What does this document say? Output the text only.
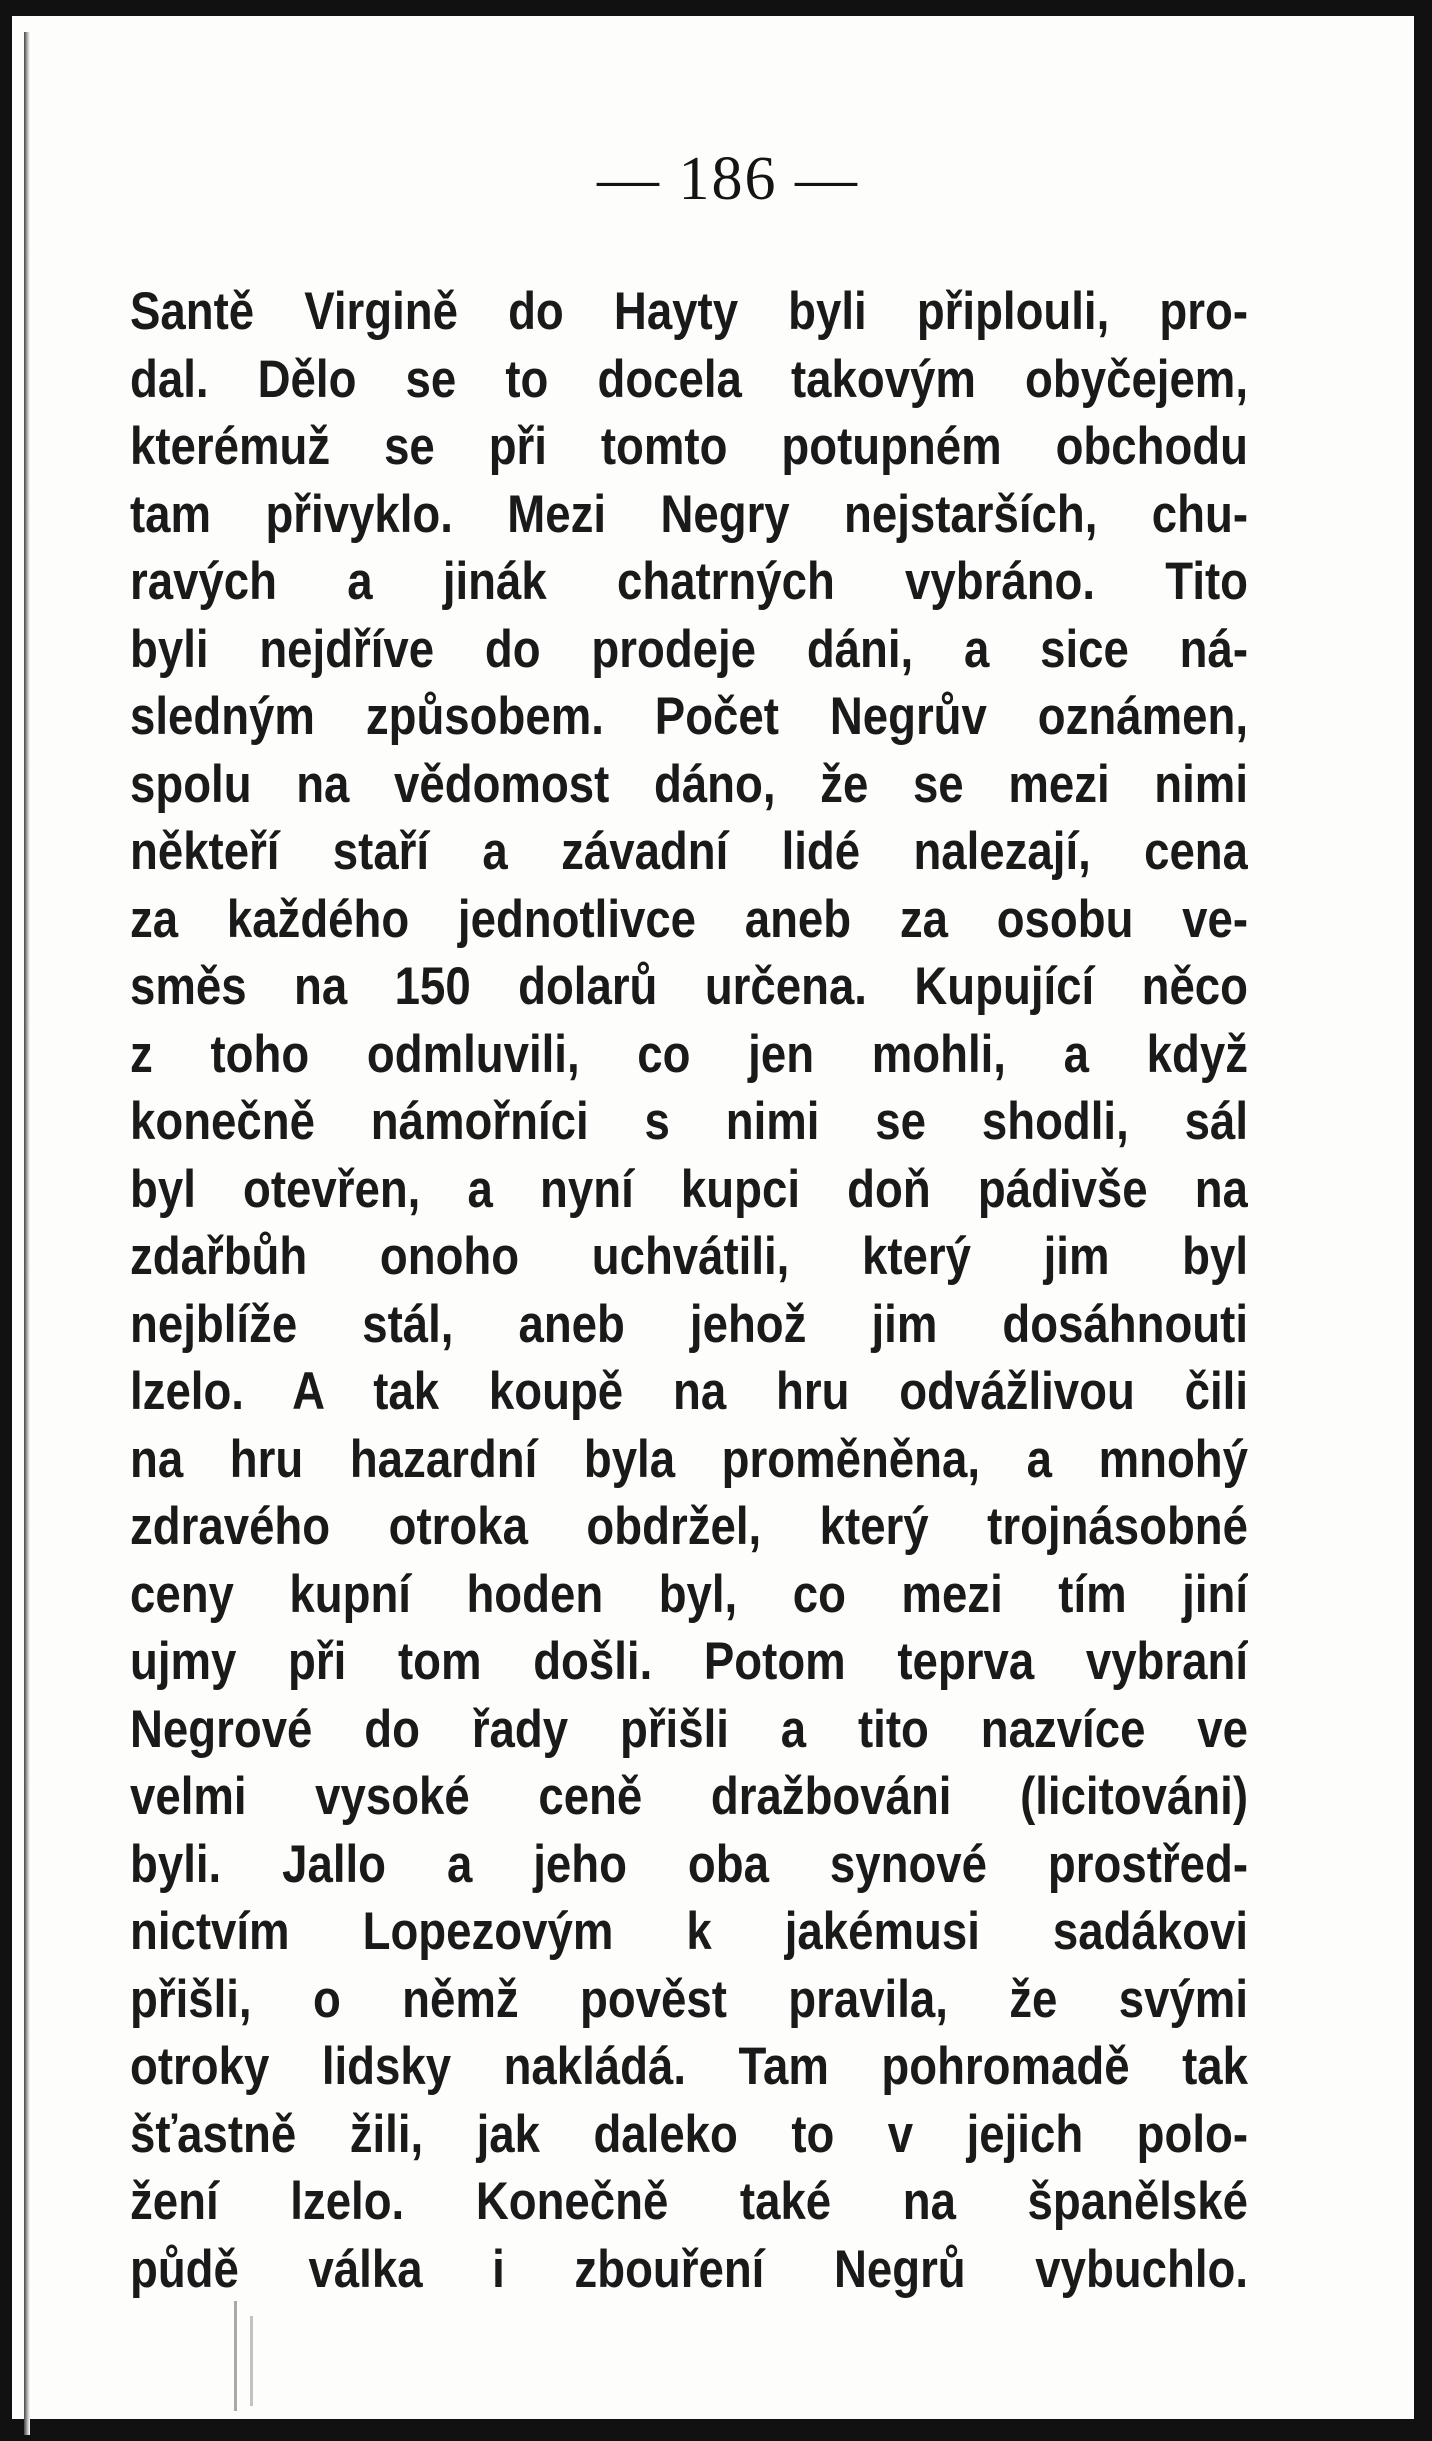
— 186 —
Santě Virgině do Hayty byli připlouli, pro-
dal. Dělo se to docela takovým obyčejem,
kterémuž se při tomto potupném obchodu
tam přivyklo. Mezi Negry nejstarších, chu-
ravých a jinák chatrných vybráno. Tito
byli nejdříve do prodeje dáni, a sice ná-
sledným způsobem. Počet Negrův oznámen,
spolu na vědomost dáno, že se mezi nimi
někteří staří a závadní lidé nalezají, cena
za každého jednotlivce aneb za osobu ve-
směs na 150 dolarů určena. Kupující něco
z toho odmluvili, co jen mohli, a když
konečně námořníci s nimi se shodli, sál
byl otevřen, a nyní kupci doň pádivše na
zdařbůh onoho uchvátili, který jim byl
nejblíže stál, aneb jehož jim dosáhnouti
lzelo. A tak koupě na hru odvážlivou čili
na hru hazardní byla proměněna, a mnohý
zdravého otroka obdržel, který trojnásobné
ceny kupní hoden byl, co mezi tím jiní
ujmy při tom došli. Potom teprva vybraní
Negrové do řady přišli a tito nazvíce ve
velmi vysoké ceně dražbováni (licitováni)
byli. Jallo a jeho oba synové prostřed-
nictvím Lopezovým k jakémusi sadákovi
přišli, o němž pověst pravila, že svými
otroky lidsky nakládá. Tam pohromadě tak
šťastně žili, jak daleko to v jejich polo-
žení lzelo. Konečně také na španělské
půdě válka i zbouření Negrů vybuchlo.
